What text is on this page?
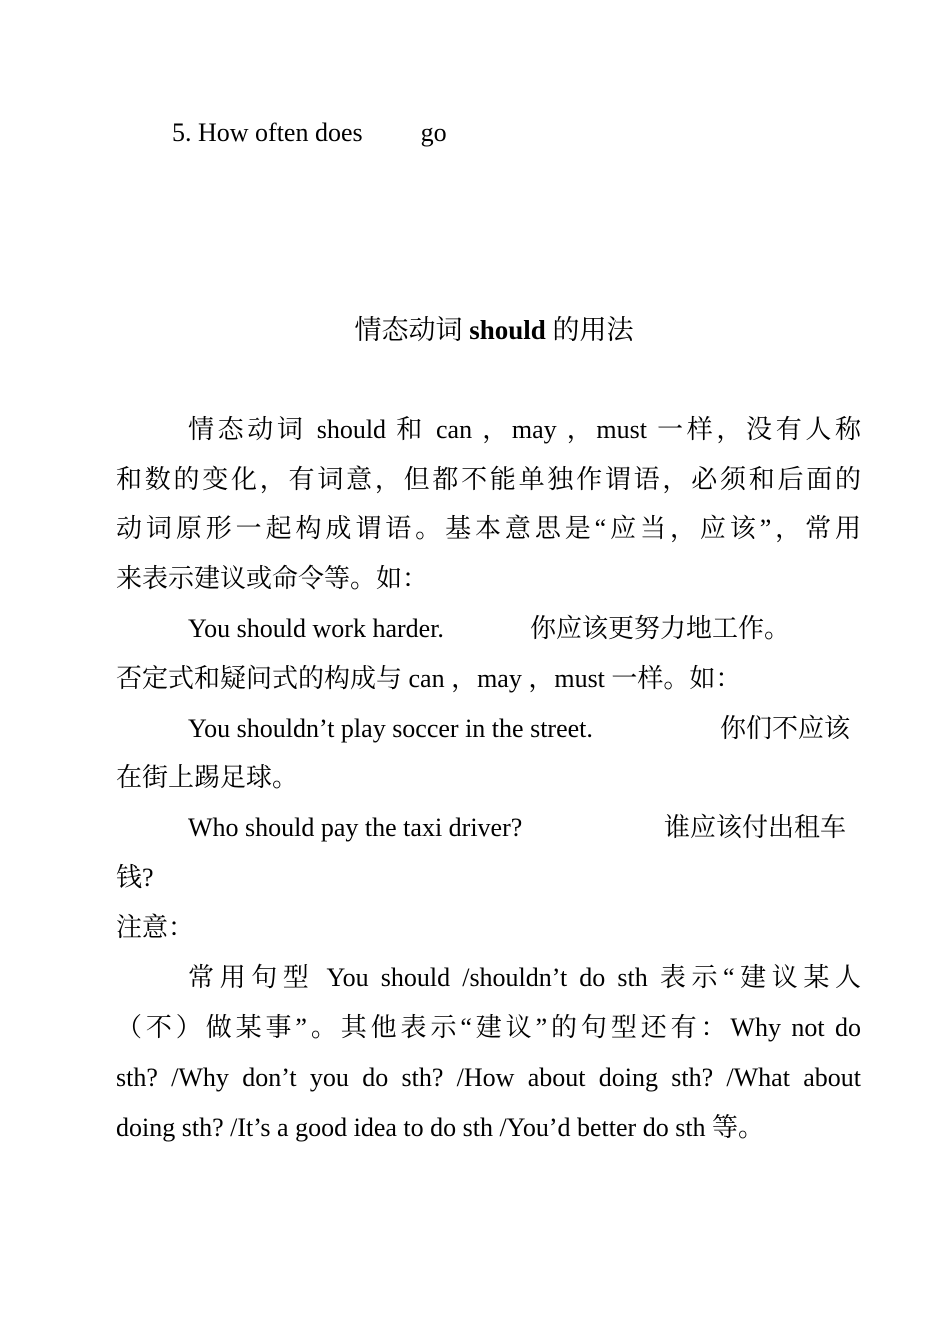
5. How often does go
情态动词 should 的用法
情态动词 should 和 can ，may ，must 一样，没有人称
和数的变化，有词意，但都不能单独作谓语，必须和后面的
动词原形一起构成谓语。基本意思是“应当，应该”，常用
来表示建议或命令等。如：
You should work harder.	你应该更努力地工作。
否定式和疑问式的构成与 can ，may ，must 一样。如：
You shouldn’t play soccer in the street.	你们不应该
在街上踢足球。
Who should pay the taxi driver?	谁应该付出租车
钱?
注意：
常用句型 You should /shouldn’t do sth 表示“建议某人
（不）做某事”。其他表示“建议”的句型还有：Why not do
sth? /Why don’t you do sth? /How about doing sth? /What about
doing sth? /It’s a good idea to do sth /You’d better do sth 等。
